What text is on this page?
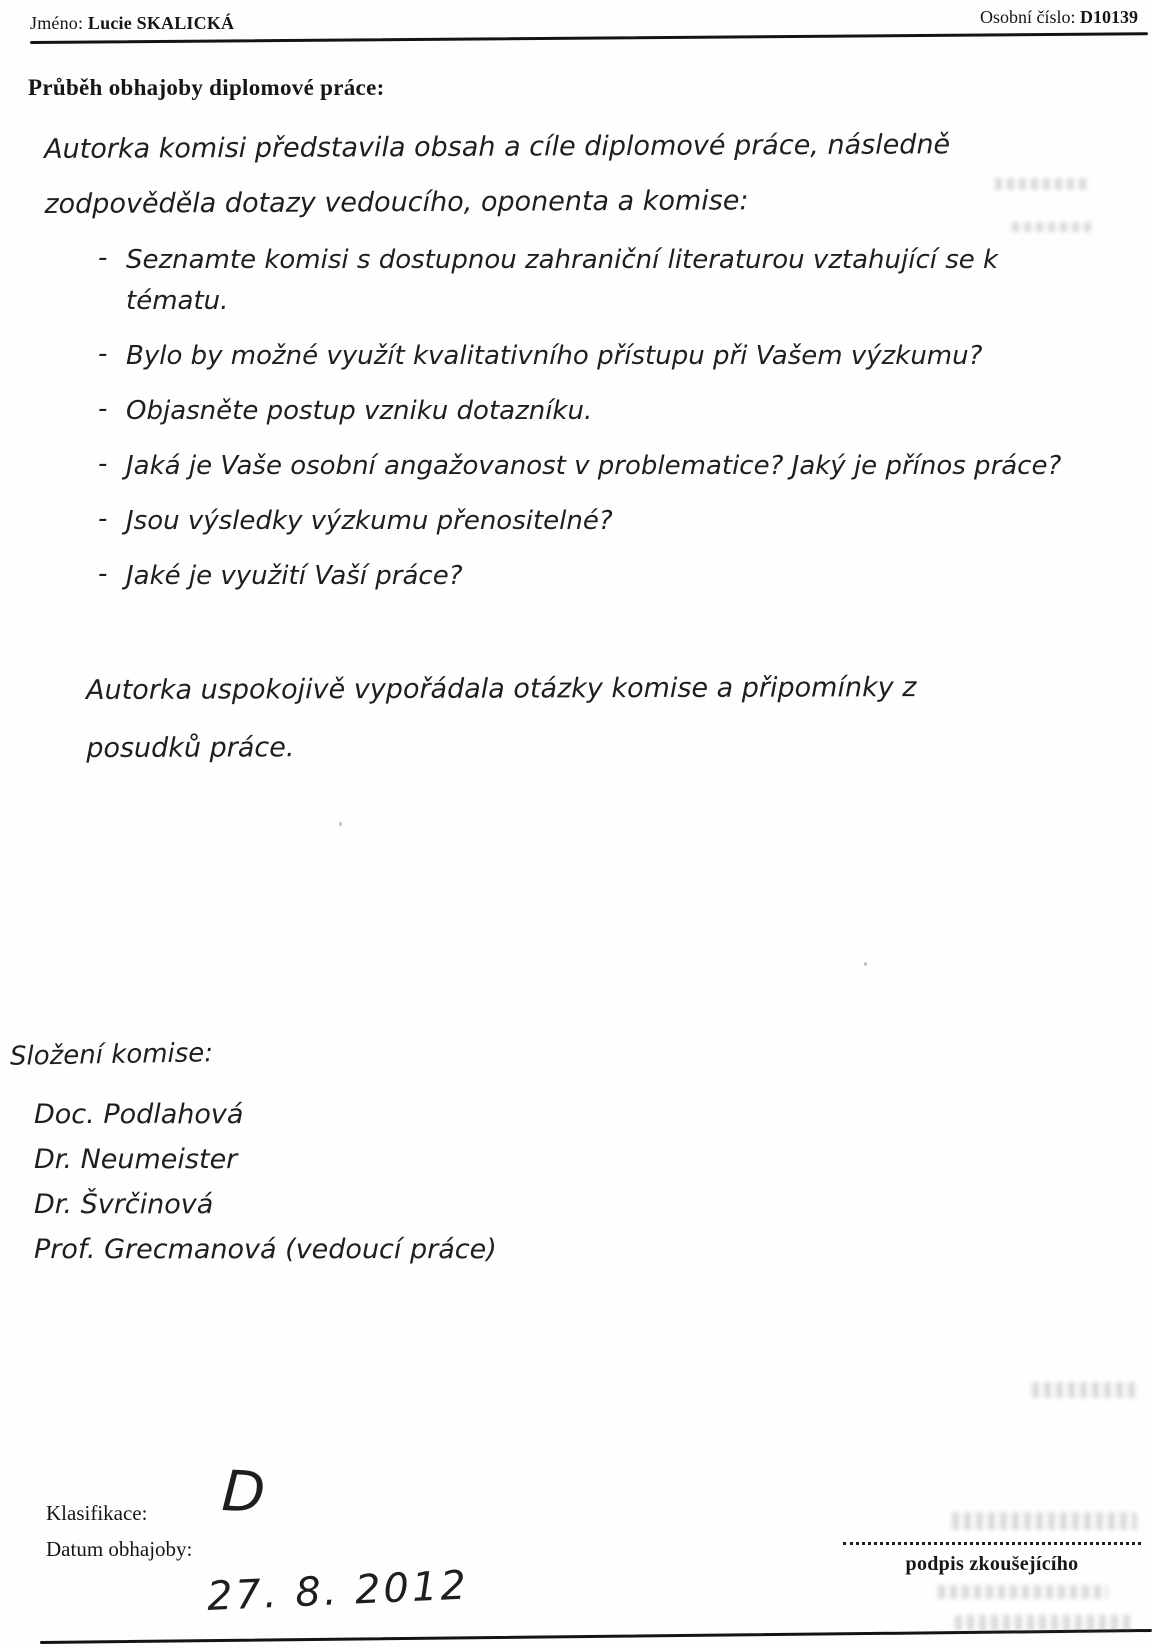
Jméno: Lucie SKALICKÁ	Osobní číslo: D10139
Průběh obhajoby diplomové práce:
Autorka komisi představila obsah a cíle diplomové práce, následně zodpověděla dotazy vedoucího, oponenta a komise:
- Seznamte komisi s dostupnou zahraniční literaturou vztahující se k tématu.
- Bylo by možné využít kvalitativního přístupu při Vašem výzkumu?
- Objasněte postup vzniku dotazníku.
- Jaká je Vaše osobní angažovanost v problematice? Jaký je přínos práce?
- Jsou výsledky výzkumu přenositelné?
- Jaké je využití Vaší práce?
Autorka uspokojivě vypořádala otázky komise a připomínky z posudků práce.
Složení komise:
Doc. Podlahová
Dr. Neumeister
Dr. Švrčinová
Prof. Grecmanová (vedoucí práce)
Klasifikace: D
Datum obhajoby:
27. 8. 2012	podpis zkoušejícího
